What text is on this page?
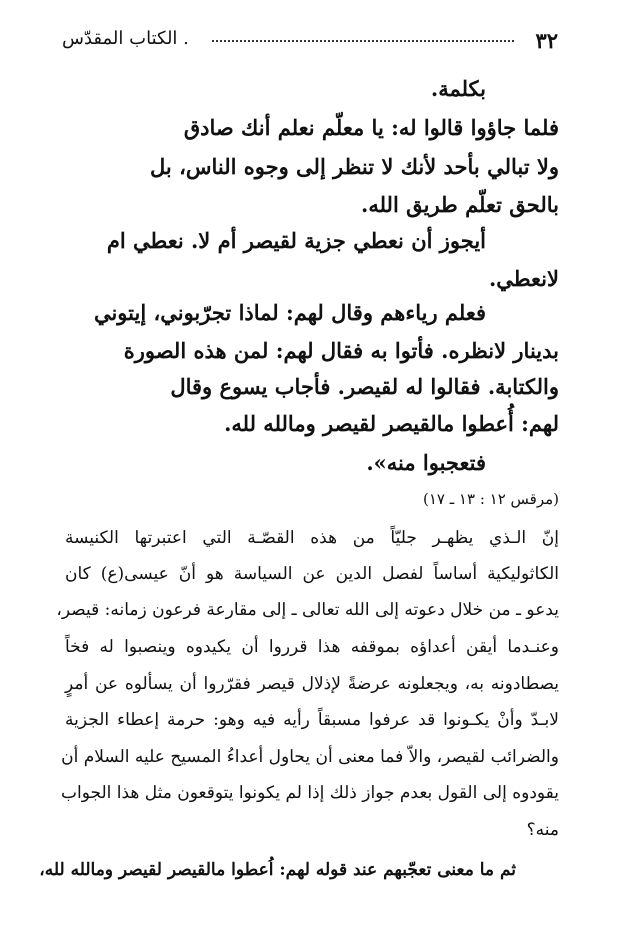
٣٢
. الكتاب المقدّس
بكلمة.
فلما جاؤوا قالوا له: يا معلّم نعلم أنك صادق
ولا تبالي بأحد لأنك لا تنظر إلى وجوه الناس، بل
بالحق تعلّم طريق الله.
أيجوز أن نعطي جزية لقيصر أم لا. نعطي ام
لانعطي.
فعلم رياءهم وقال لهم: لماذا تجرّبوني، إيتوني
بدينار لانظره. فأتوا به فقال لهم: لمن هذه الصورة
والكتابة. فقالوا له لقيصر. فأجاب يسوع وقال
لهم: أُعطوا مالقيصر لقيصر ومالله لله.
فتعجبوا منه».
(مرقس ١٢ : ١٣ ـ ١٧)
إنّ الـذي يظهـر جليّاً من هذه القصّـة التي اعتبرتها الكنيسة
الكاثوليكية أساساً لفصل الدين عن السياسة هو أنّ عيسى(ع) كان
يدعو ـ من خلال دعوته إلى الله تعالى ـ إلى مقارعة فرعون زمانه: قيصر،
وعنـدما أيقن أعداؤه بموقفه هذا قرروا أن يكيدوه وينصبوا له فخاً
يصطادونه به، ويجعلونه عرضةً لإذلال قيصر فقرّروا أن يسألوه عن أمرٍ
لابـدّ وأنْ يكـونوا قد عرفوا مسبقاً رأيه فيه وهو: حرمة إعطاء الجزية
والضرائب لقيصر، والاّ فما معنى أن يحاول أعداءُ المسيح عليه السلام أن
يقودوه إلى القول بعدم جواز ذلك إذا لم يكونوا يتوقعون مثل هذا الجواب
منه؟
ثم ما معنى تعجّبهم عند قوله لهم: اُعطوا مالقيصر لقيصر ومالله لله،
